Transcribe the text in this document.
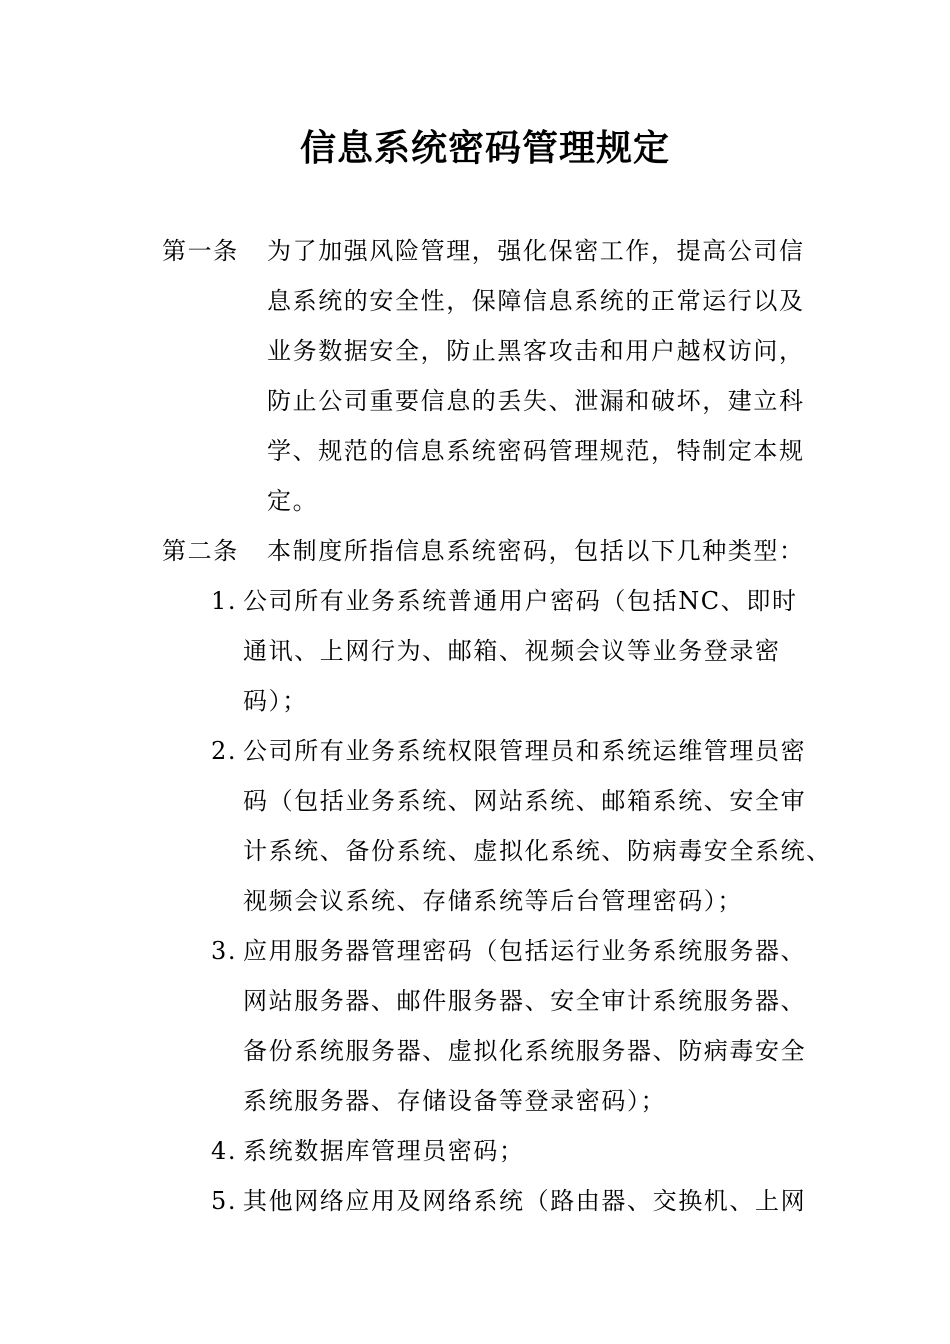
信息系统密码管理规定
第一条 为了加强风险管理，强化保密工作，提高公司信
息系统的安全性，保障信息系统的正常运行以及
业务数据安全，防止黑客攻击和用户越权访问，
防止公司重要信息的丢失、泄漏和破坏，建立科
学、规范的信息系统密码管理规范，特制定本规
定。
第二条 本制度所指信息系统密码，包括以下几种类型：
1. 公司所有业务系统普通用户密码（包括NC、即时
通讯、上网行为、邮箱、视频会议等业务登录密
码）；
2. 公司所有业务系统权限管理员和系统运维管理员密
码（包括业务系统、网站系统、邮箱系统、安全审
计系统、备份系统、虚拟化系统、防病毒安全系统、
视频会议系统、存储系统等后台管理密码）；
3. 应用服务器管理密码（包括运行业务系统服务器、
网站服务器、邮件服务器、安全审计系统服务器、
备份系统服务器、虚拟化系统服务器、防病毒安全
系统服务器、存储设备等登录密码）；
4. 系统数据库管理员密码；
5. 其他网络应用及网络系统（路由器、交换机、上网
